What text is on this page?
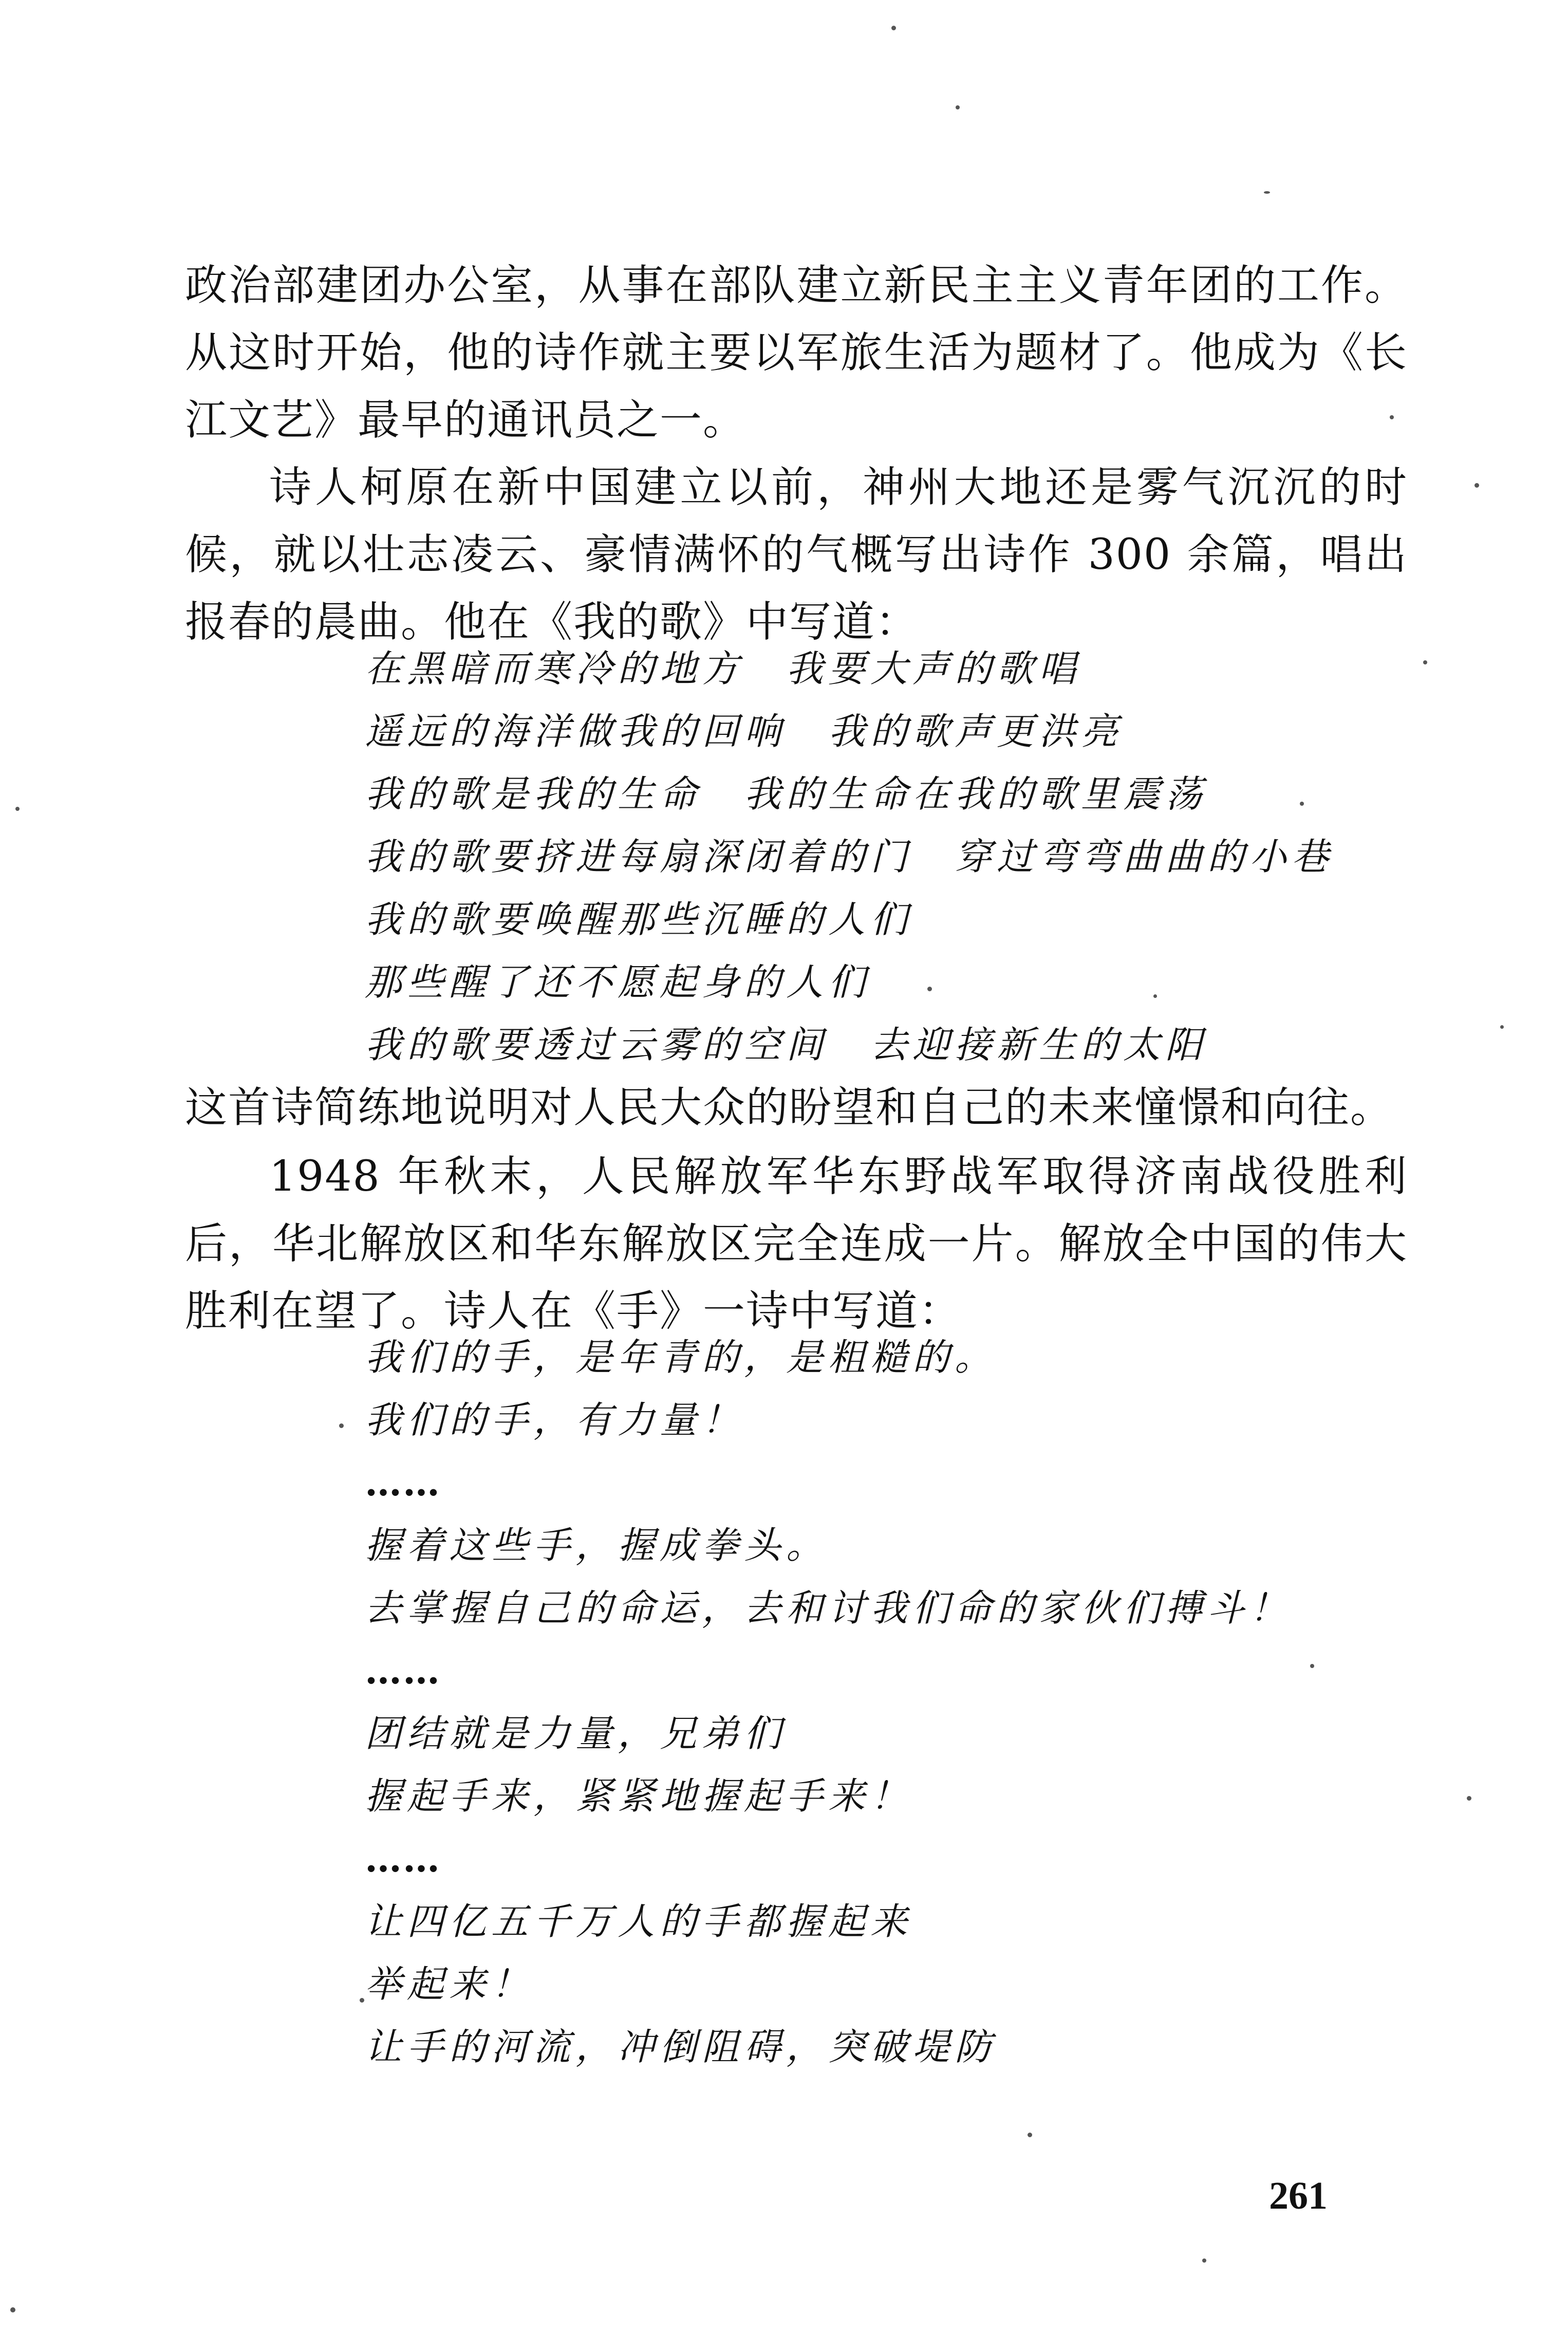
政治部建团办公室，从事在部队建立新民主主义青年团的工作。从这时开始，他的诗作就主要以军旅生活为题材了。他成为《长江文艺》最早的通讯员之一。

诗人柯原在新中国建立以前，神州大地还是雾气沉沉的时候，就以壮志凌云、豪情满怀的气概写出诗作 300 余篇，唱出报春的晨曲。他在《我的歌》中写道：

在黑暗而寒冷的地方　我要大声的歌唱
遥远的海洋做我的回响　我的歌声更洪亮
我的歌是我的生命　我的生命在我的歌里震荡
我的歌要挤进每扇深闭着的门　穿过弯弯曲曲的小巷
我的歌要唤醒那些沉睡的人们
那些醒了还不愿起身的人们
我的歌要透过云雾的空间　去迎接新生的太阳

这首诗简练地说明对人民大众的盼望和自己的未来憧憬和向往。

1948 年秋末，人民解放军华东野战军取得济南战役胜利后，华北解放区和华东解放区完全连成一片。解放全中国的伟大胜利在望了。诗人在《手》一诗中写道：

我们的手，是年青的，是粗糙的。
我们的手，有力量！
……
握着这些手，握成拳头。
去掌握自己的命运，去和讨我们命的家伙们搏斗！
……
团结就是力量，兄弟们
握起手来，紧紧地握起手来！
……
让四亿五千万人的手都握起来
举起来！
让手的河流，冲倒阻碍，突破堤防
261
